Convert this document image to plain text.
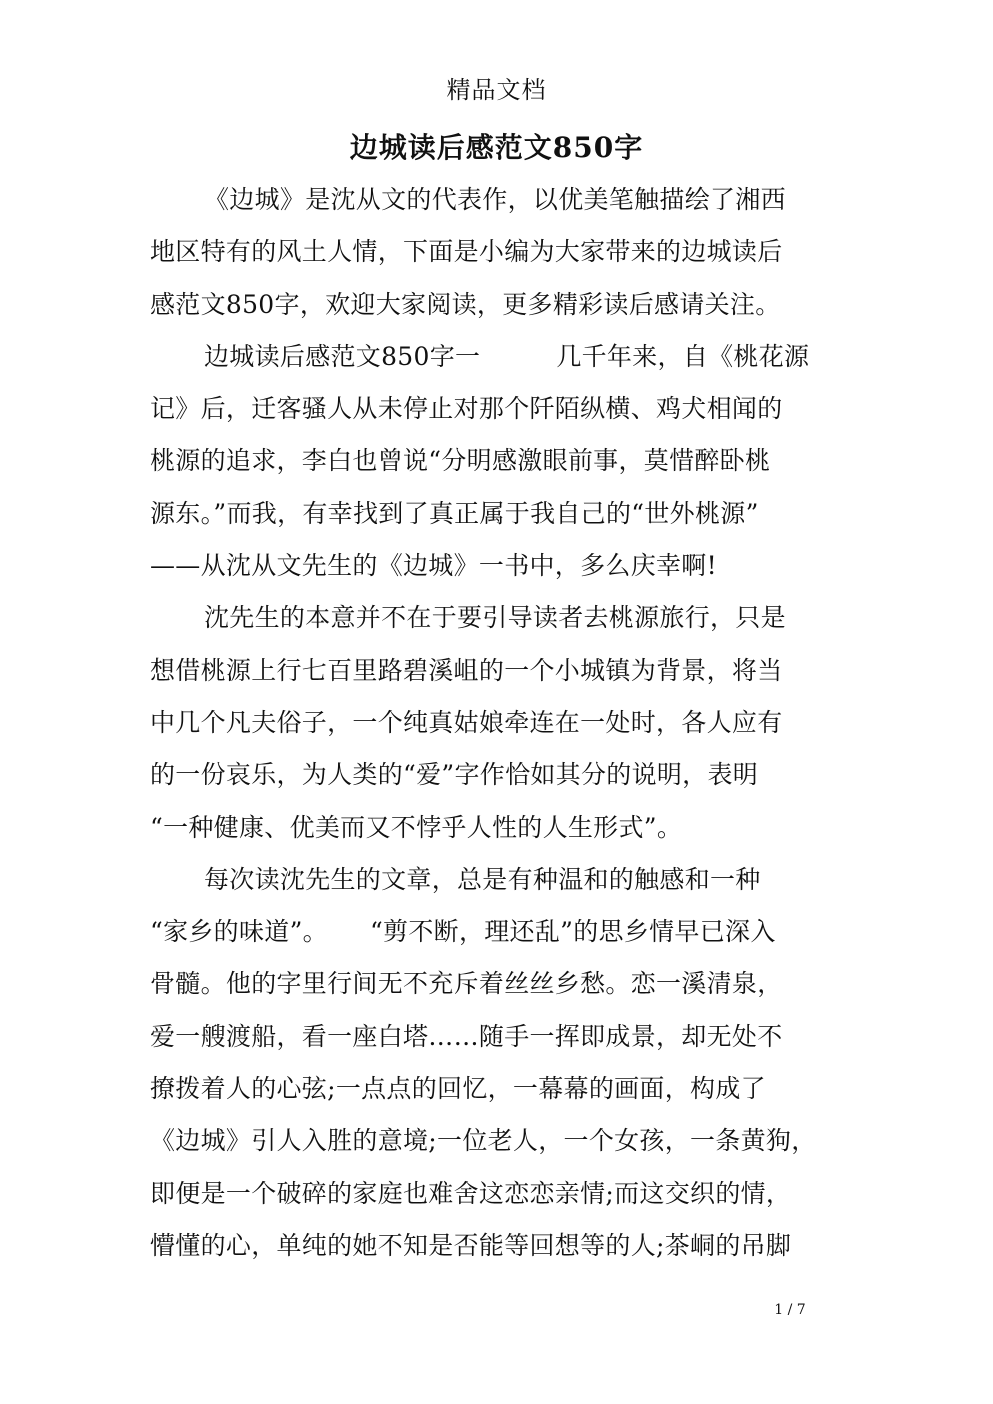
精品文档
边城读后感范文850字
《边城》是沈从文的代表作，以优美笔触描绘了湘西
地区特有的风土人情，下面是小编为大家带来的边城读后
感范文850字，欢迎大家阅读，更多精彩读后感请关注。
边城读后感范文850字一	几千年来，自《桃花源
记》后，迁客骚人从未停止对那个阡陌纵横、鸡犬相闻的
桃源的追求，李白也曾说“分明感激眼前事，莫惜醉卧桃
源东。”而我，有幸找到了真正属于我自己的“世外桃源”
——从沈从文先生的《边城》一书中，多么庆幸啊!
沈先生的本意并不在于要引导读者去桃源旅行，只是
想借桃源上行七百里路碧溪岨的一个小城镇为背景，将当
中几个凡夫俗子，一个纯真姑娘牵连在一处时，各人应有
的一份哀乐，为人类的“爱”字作恰如其分的说明，表明
“一种健康、优美而又不悖乎人性的人生形式”。
每次读沈先生的文章，总是有种温和的触感和一种
“家乡的味道”。 “剪不断，理还乱”的思乡情早已深入
骨髓。他的字里行间无不充斥着丝丝乡愁。恋一溪清泉，
爱一艘渡船，看一座白塔……随手一挥即成景，却无处不
撩拨着人的心弦;一点点的回忆，一幕幕的画面，构成了
《边城》引人入胜的意境;一位老人，一个女孩，一条黄狗，
即便是一个破碎的家庭也难舍这恋恋亲情;而这交织的情，
懵懂的心，单纯的她不知是否能等回想等的人;茶峒的吊脚
1 / 7
